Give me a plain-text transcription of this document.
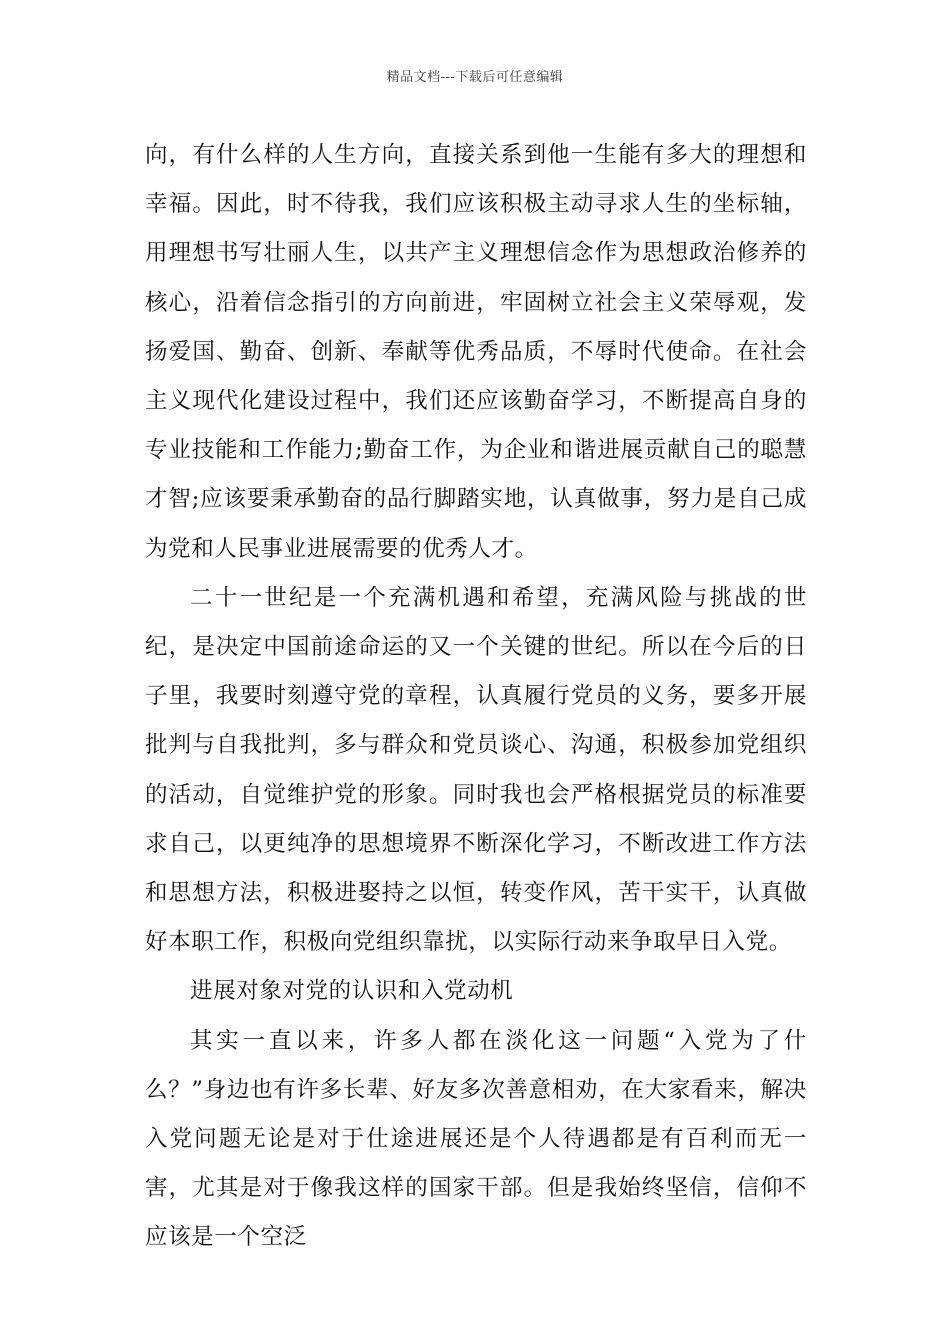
精品文档---下载后可任意编辑

向，有什么样的人生方向，直接关系到他一生能有多大的理想和幸福。因此，时不待我，我们应该积极主动寻求人生的坐标轴，用理想书写壮丽人生，以共产主义理想信念作为思想政治修养的核心，沿着信念指引的方向前进，牢固树立社会主义荣辱观，发扬爱国、勤奋、创新、奉献等优秀品质，不辱时代使命。在社会主义现代化建设过程中，我们还应该勤奋学习，不断提高自身的专业技能和工作能力;勤奋工作，为企业和谐进展贡献自己的聪慧才智;应该要秉承勤奋的品行脚踏实地，认真做事，努力是自己成为党和人民事业进展需要的优秀人才。

二十一世纪是一个充满机遇和希望，充满风险与挑战的世纪，是决定中国前途命运的又一个关键的世纪。所以在今后的日子里，我要时刻遵守党的章程，认真履行党员的义务，要多开展批判与自我批判，多与群众和党员谈心、沟通，积极参加党组织的活动，自觉维护党的形象。同时我也会严格根据党员的标准要求自己，以更纯净的思想境界不断深化学习，不断改进工作方法和思想方法，积极进娶持之以恒，转变作风，苦干实干，认真做好本职工作，积极向党组织靠扰，以实际行动来争取早日入党。

进展对象对党的认识和入党动机

其实一直以来，许多人都在淡化这一问题“入党为了什么？”身边也有许多长辈、好友多次善意相劝，在大家看来，解决入党问题无论是对于仕途进展还是个人待遇都是有百利而无一害，尤其是对于像我这样的国家干部。但是我始终坚信，信仰不应该是一个空泛
